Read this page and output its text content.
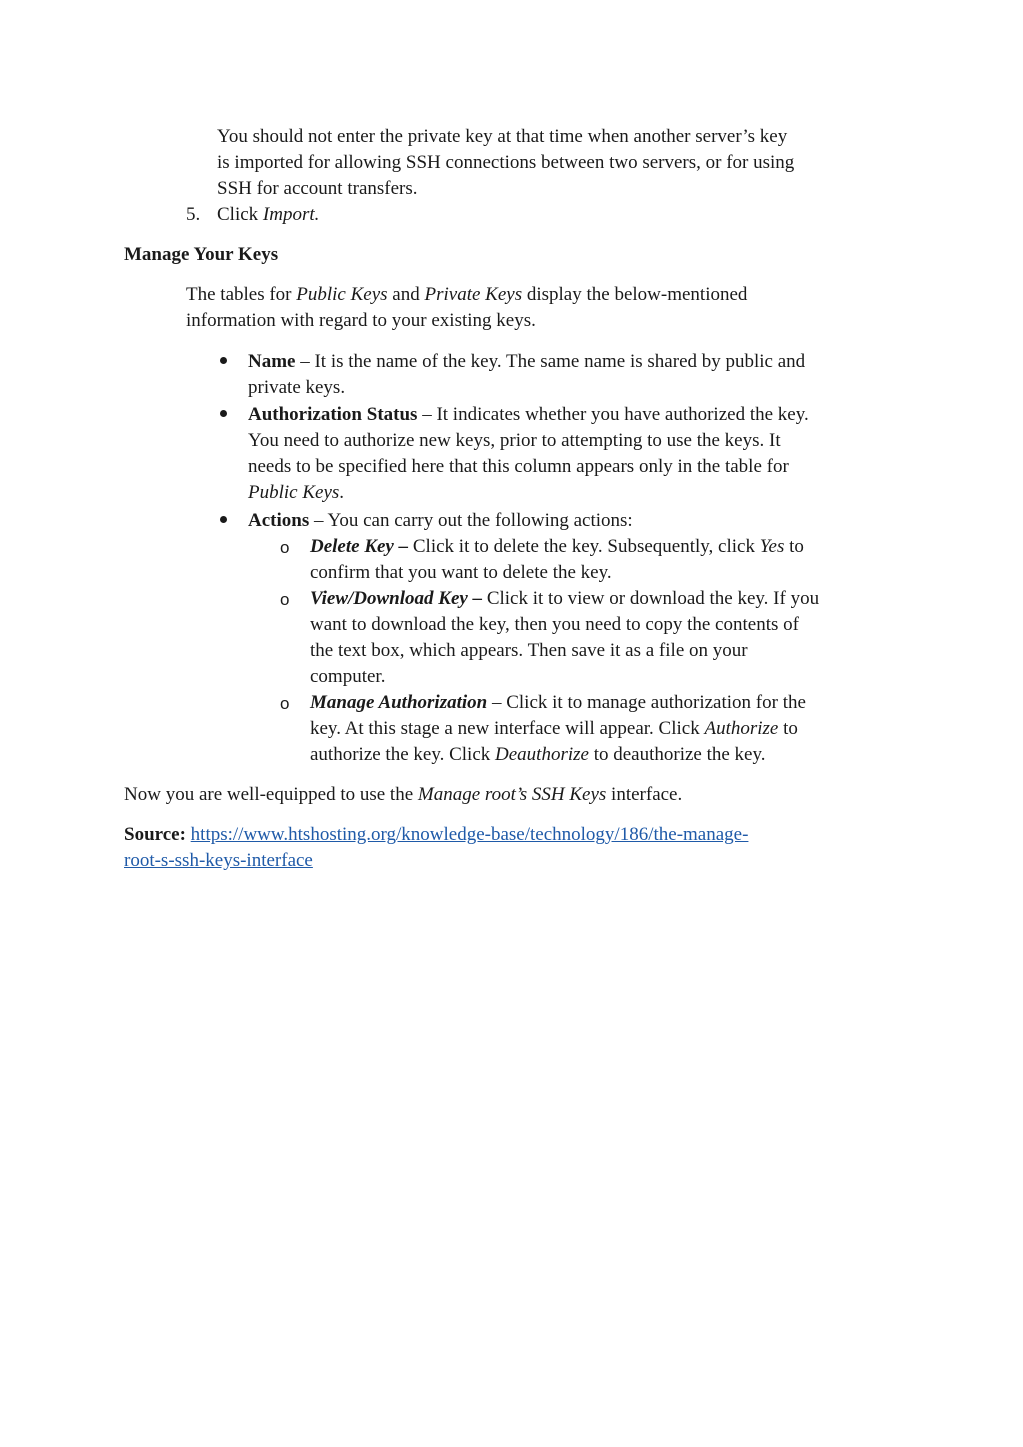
You should not enter the private key at that time when another server’s key
is imported for allowing SSH connections between two servers, or for using
SSH for account transfers.
5. Click Import.
Manage Your Keys
The tables for Public Keys and Private Keys display the below-mentioned
information with regard to your existing keys.
Name – It is the name of the key. The same name is shared by public and
private keys.
Authorization Status – It indicates whether you have authorized the key.
You need to authorize new keys, prior to attempting to use the keys. It
needs to be specified here that this column appears only in the table for
Public Keys.
Actions – You can carry out the following actions:
o Delete Key – Click it to delete the key. Subsequently, click Yes to
confirm that you want to delete the key.
o View/Download Key – Click it to view or download the key. If you
want to download the key, then you need to copy the contents of
the text box, which appears. Then save it as a file on your
computer.
o Manage Authorization – Click it to manage authorization for the
key. At this stage a new interface will appear. Click Authorize to
authorize the key. Click Deauthorize to deauthorize the key.
Now you are well-equipped to use the Manage root’s SSH Keys interface.
Source: https://www.htshosting.org/knowledge-base/technology/186/the-manage-
root-s-ssh-keys-interface
